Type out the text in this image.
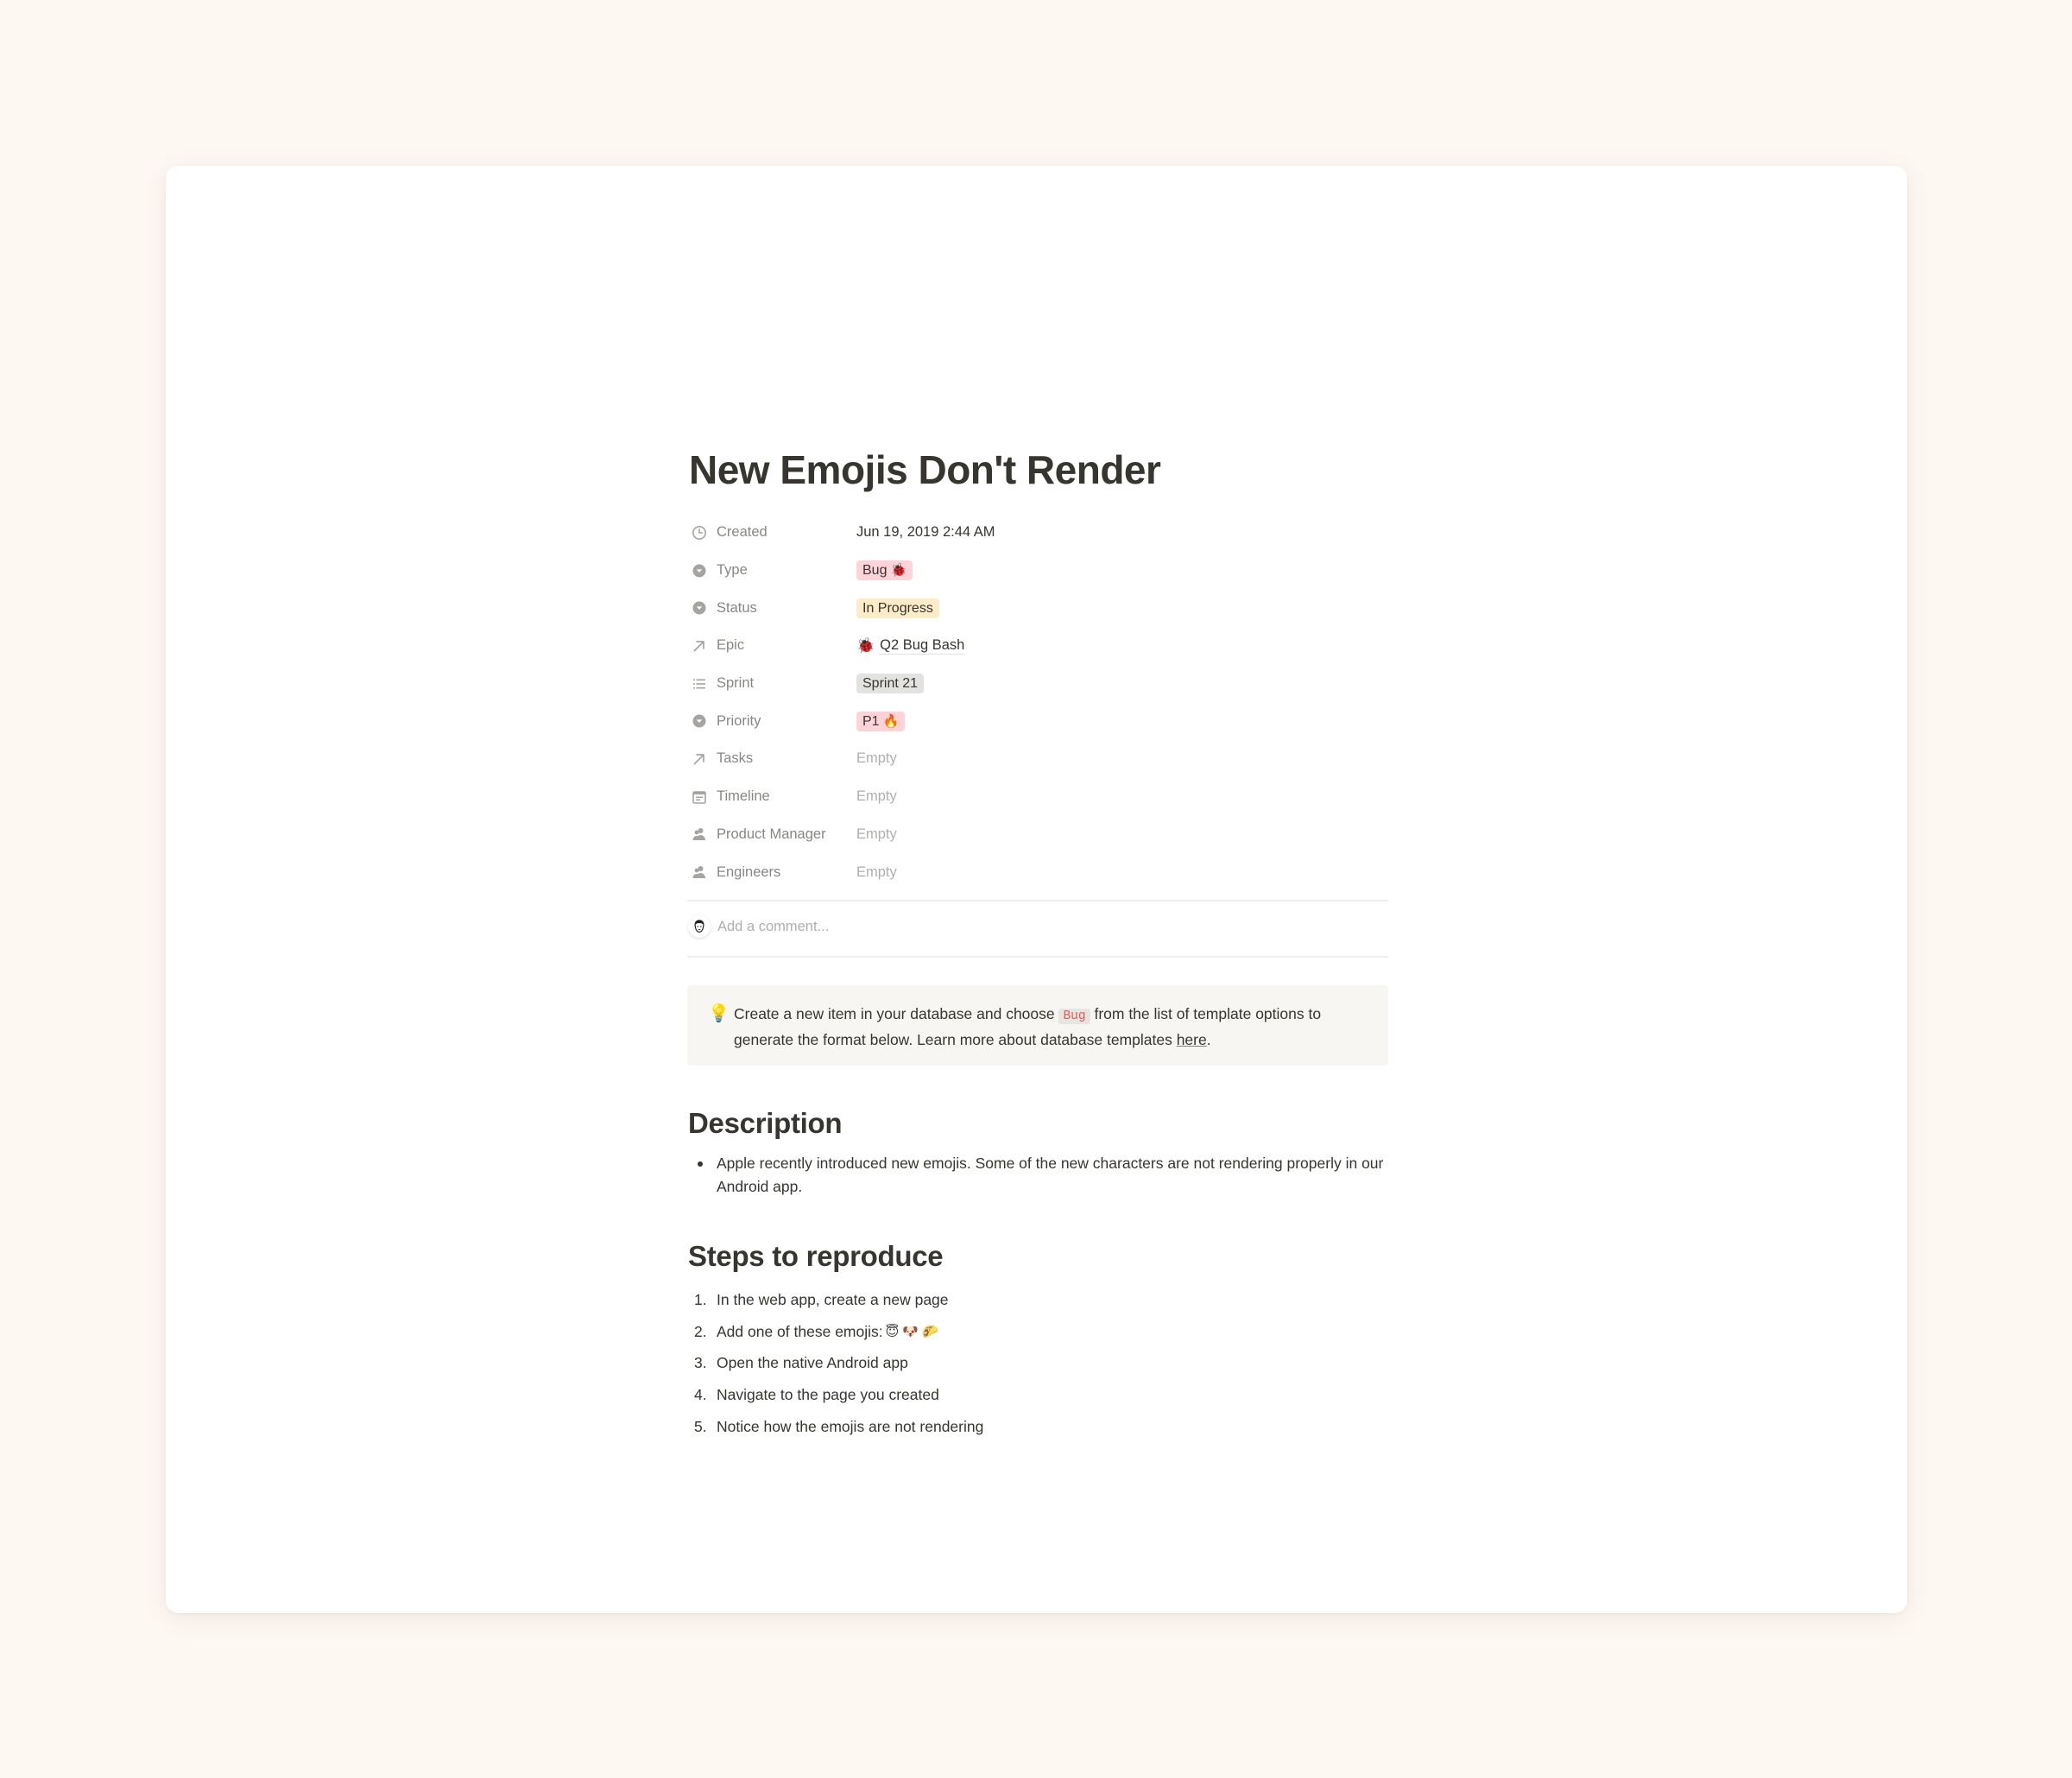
New Emojis Don't Render
Created	Jun 19, 2019 2:44 AM
Type	Bug 🐞
Status	In Progress
Epic	🐞 Q2 Bug Bash
Sprint	Sprint 21
Priority	P1 🔥
Tasks	Empty
Timeline	Empty
Product Manager Empty
Engineers	Empty
Add a comment...
💡 Create a new item in your database and choose Bug from the list of template options to generate the format below. Learn more about database templates here.
Description
Apple recently introduced new emojis. Some of the new characters are not rendering properly in our Android app.
Steps to reproduce
1. In the web app, create a new page
2. Add one of these emojis: 😇 🐶 🌮
3. Open the native Android app
4. Navigate to the page you created
5. Notice how the emojis are not rendering
